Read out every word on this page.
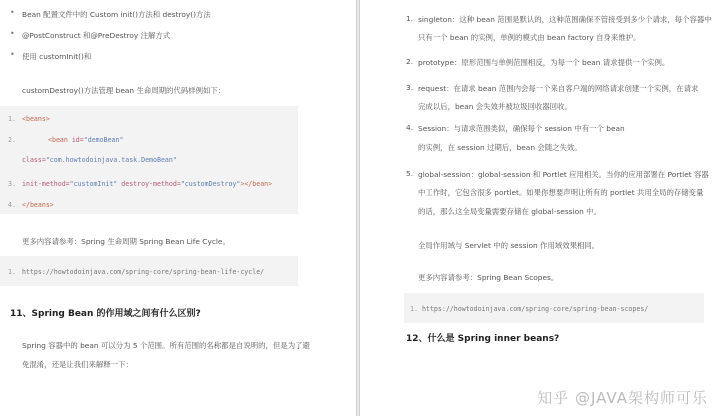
• Bean 配置文件中的 Custom init()方法和 destroy()方法
• @PostConstruct 和@PreDestroy 注解方式
• 使用 customInit()和
customDestroy()方法管理 bean 生命周期的代码样例如下：
1. <beans>
2.	<bean id="demoBean"
class="com.howtodoinjava.task.DemoBean"
3. init-method="customInit" destroy-method="customDestroy"></bean>
4. </beans>
更多内容请参考：Spring 生命周期 Spring Bean Life Cycle。
1. https://howtodoinjava.com/spring-core/spring-bean-life-cycle/
11、Spring Bean 的作用域之间有什么区别?
Spring 容器中的 bean 可以分为 5 个范围。所有范围的名称都是自说明的，但是为了避
免混淆，还是让我们来解释一下：
1. singleton：这种 bean 范围是默认的，这种范围确保不管接受到多少个请求，每个容器中
只有一个 bean 的实例，单例的模式由 bean factory 自身来维护。
2. prototype：原形范围与单例范围相反，为每一个 bean 请求提供一个实例。
3. request：在请求 bean 范围内会每一个来自客户端的网络请求创建一个实例，在请求
完成以后，bean 会失效并被垃圾回收器回收。
4. Session：与请求范围类似，确保每个 session 中有一个 bean
的实例，在 session 过期后，bean 会随之失效。
5. global-session：global-session 和 Portlet 应用相关。当你的应用部署在 Portlet 容器
中工作时，它包含很多 portlet。如果你想要声明让所有的 portlet 共用全局的存储变量
的话，那么这全局变量需要存储在 global-session 中。
全局作用域与 Servlet 中的 session 作用域效果相同。
更多内容请参考：Spring Bean Scopes。
1. https://howtodoinjava.com/spring-core/spring-bean-scopes/
12、什么是 Spring inner beans?
知乎 @JAVA架构师可乐
